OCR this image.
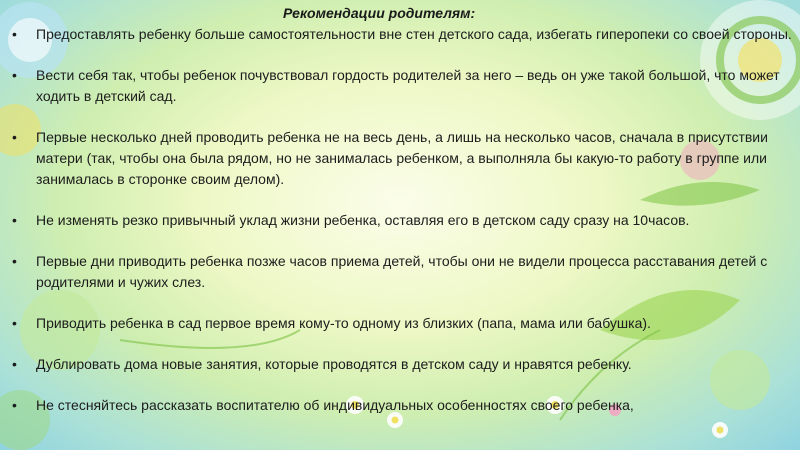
Рекомендации родителям:
• Предоставлять ребенку больше самостоятельности вне стен детского сада, избегать гиперопеки со своей стороны.
• Вести себя так, чтобы ребенок почувствовал гордость родителей за него – ведь он уже такой большой, что может ходить в детский сад.
• Первые несколько дней проводить ребенка не на весь день, а лишь на несколько часов, сначала в присутствии матери (так, чтобы она была рядом, но не занималась ребенком, а выполняла бы какую-то работу в группе или занималась в сторонке своим делом).
• Не изменять резко привычный уклад жизни ребенка, оставляя его в детском саду сразу на 10часов.
• Первые дни приводить ребенка позже часов приема детей, чтобы они не видели процесса расставания детей с родителями и чужих слез.
• Приводить ребенка в сад первое время кому-то одному из близких (папа, мама или бабушка).
• Дублировать дома новые занятия, которые проводятся в детском саду и нравятся ребенку.
• Не стесняйтесь рассказать воспитателю об индивидуальных особенностях своего ребенка,
